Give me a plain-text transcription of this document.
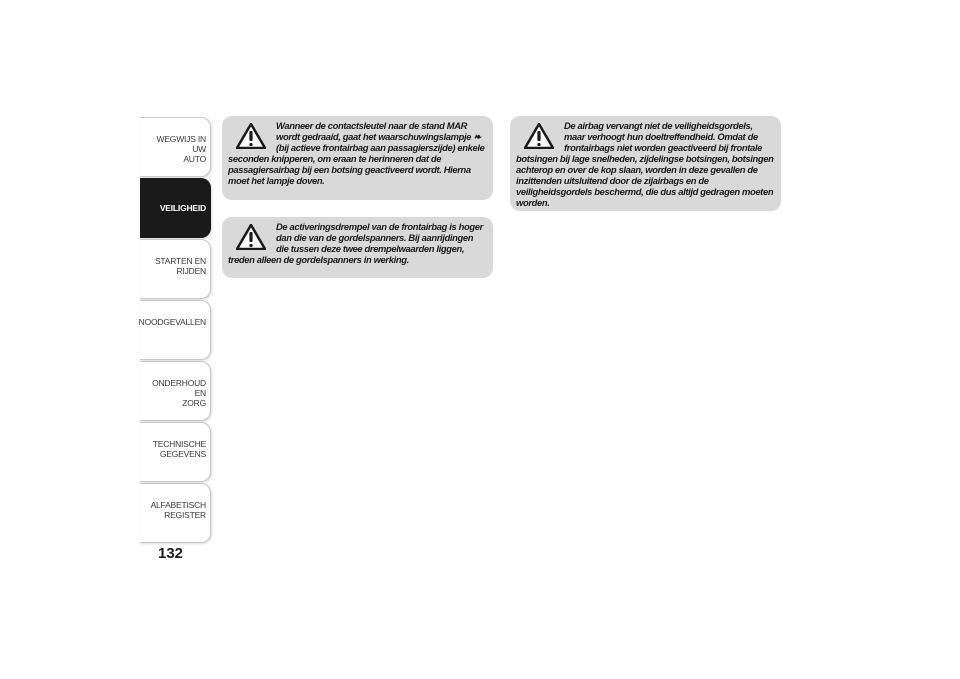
WEGWIJS IN UW
AUTO
VEILIGHEID
STARTEN EN RIJDEN
NOODGEVALLEN
ONDERHOUD EN
ZORG
TECHNISCHE
GEGEVENS
ALFABETISCH
REGISTER
132

Wanneer de contactsleutel naar de stand MAR wordt gedraaid, gaat het waarschuwingslampje ❧ (bij actieve frontairbag aan passagierszijde) enkele seconden knipperen, om eraan te herinneren dat de passagiersairbag bij een botsing geactiveerd wordt. Hierna moet het lampje doven.

De activeringsdrempel van de frontairbag is hoger dan die van de gordelspanners. Bij aanrijdingen die tussen deze twee drempelwaarden liggen, treden alleen de gordelspanners in werking.

De airbag vervangt niet de veiligheidsgordels, maar verhoogt hun doeltreffendheid. Omdat de frontairbags niet worden geactiveerd bij frontale botsingen bij lage snelheden, zijdelingse botsingen, botsingen achterop en over de kop slaan, worden in deze gevallen de inzittenden uitsluitend door de zijairbags en de veiligheidsgordels beschermd, die dus altijd gedragen moeten worden.
